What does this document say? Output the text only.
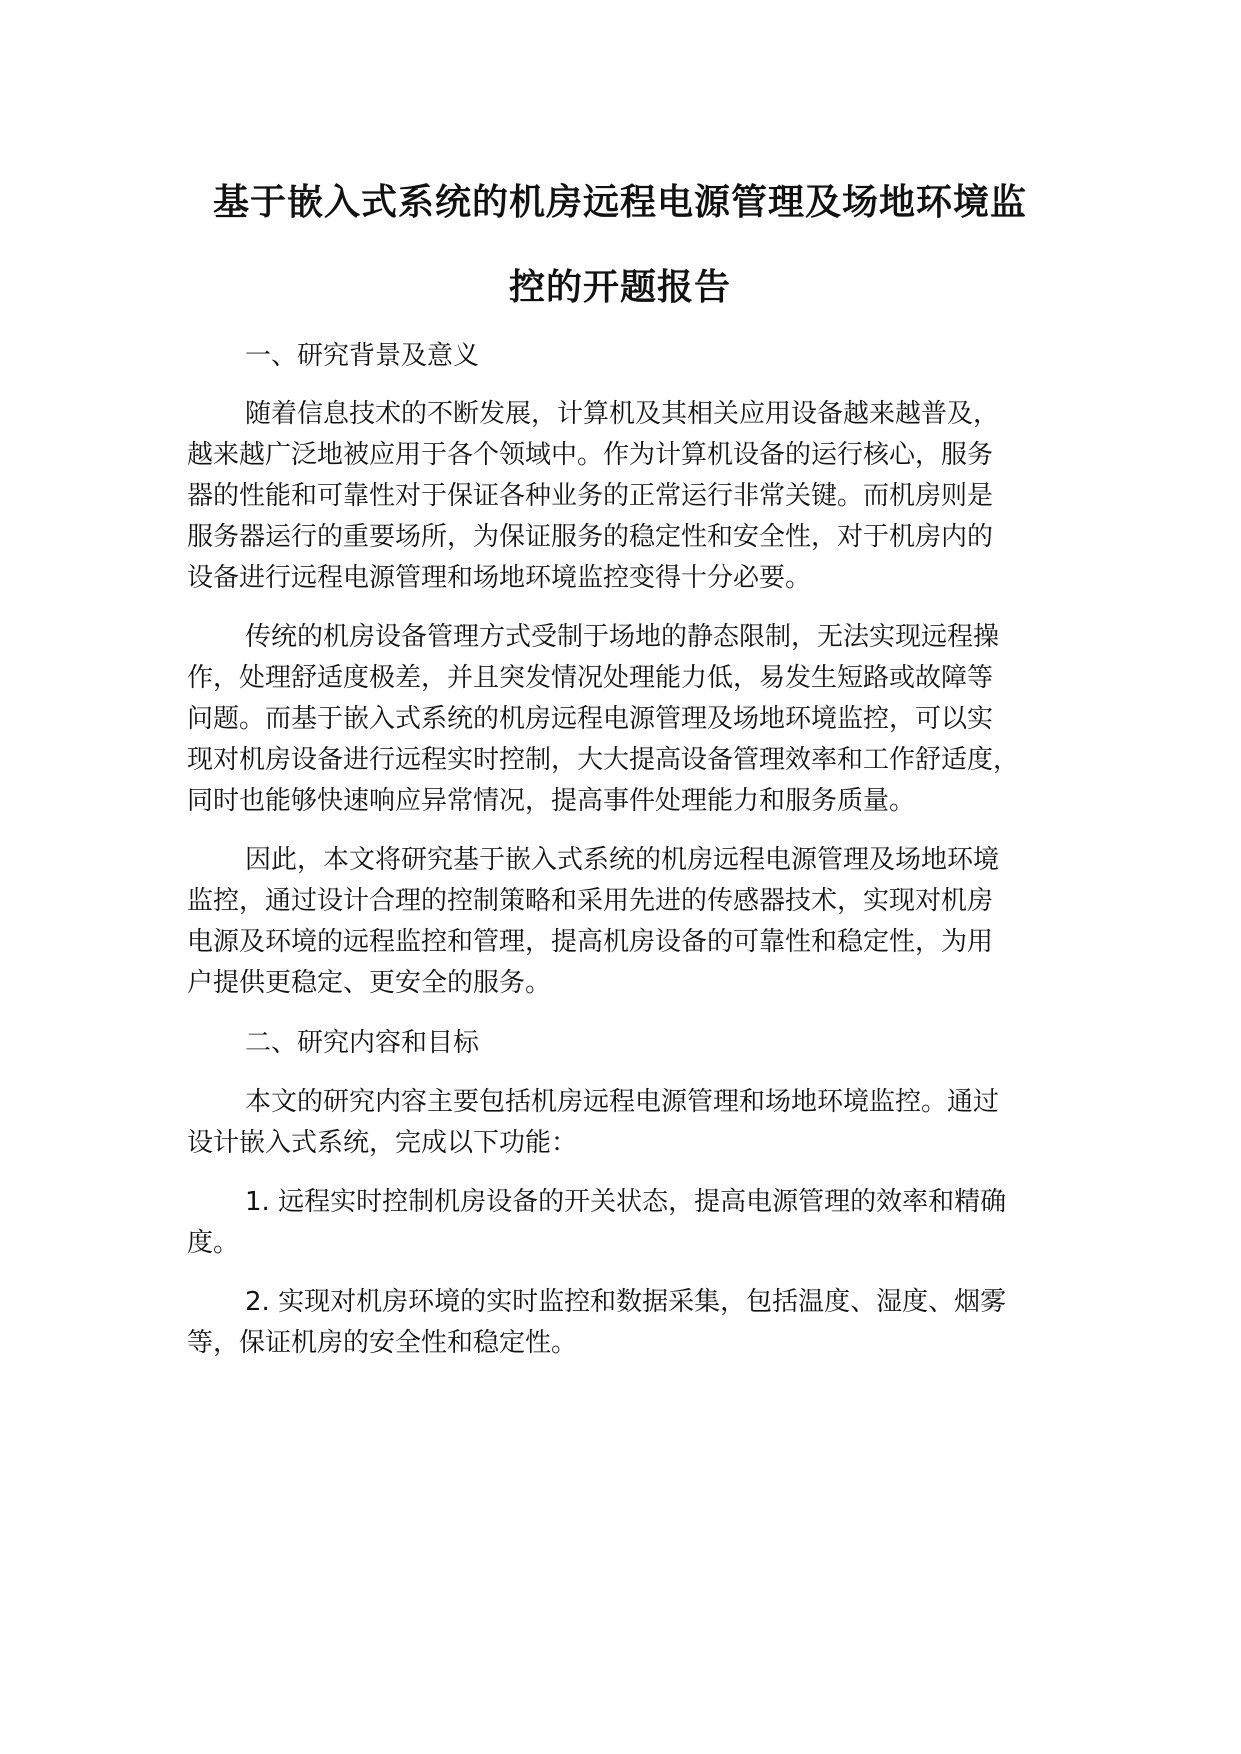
基于嵌入式系统的机房远程电源管理及场地环境监
控的开题报告

一、研究背景及意义

随着信息技术的不断发展，计算机及其相关应用设备越来越普及，

越来越广泛地被应用于各个领域中。作为计算机设备的运行核心，服务

器的性能和可靠性对于保证各种业务的正常运行非常关键。而机房则是

服务器运行的重要场所，为保证服务的稳定性和安全性，对于机房内的

设备进行远程电源管理和场地环境监控变得十分必要。

传统的机房设备管理方式受制于场地的静态限制，无法实现远程操

作，处理舒适度极差，并且突发情况处理能力低，易发生短路或故障等

问题。而基于嵌入式系统的机房远程电源管理及场地环境监控，可以实

现对机房设备进行远程实时控制，大大提高设备管理效率和工作舒适度，

同时也能够快速响应异常情况，提高事件处理能力和服务质量。

因此，本文将研究基于嵌入式系统的机房远程电源管理及场地环境

监控，通过设计合理的控制策略和采用先进的传感器技术，实现对机房

电源及环境的远程监控和管理，提高机房设备的可靠性和稳定性，为用

户提供更稳定、更安全的服务。

二、研究内容和目标

本文的研究内容主要包括机房远程电源管理和场地环境监控。通过

设计嵌入式系统，完成以下功能：

1. 远程实时控制机房设备的开关状态，提高电源管理的效率和精确

度。

2. 实现对机房环境的实时监控和数据采集，包括温度、湿度、烟雾

等，保证机房的安全性和稳定性。
